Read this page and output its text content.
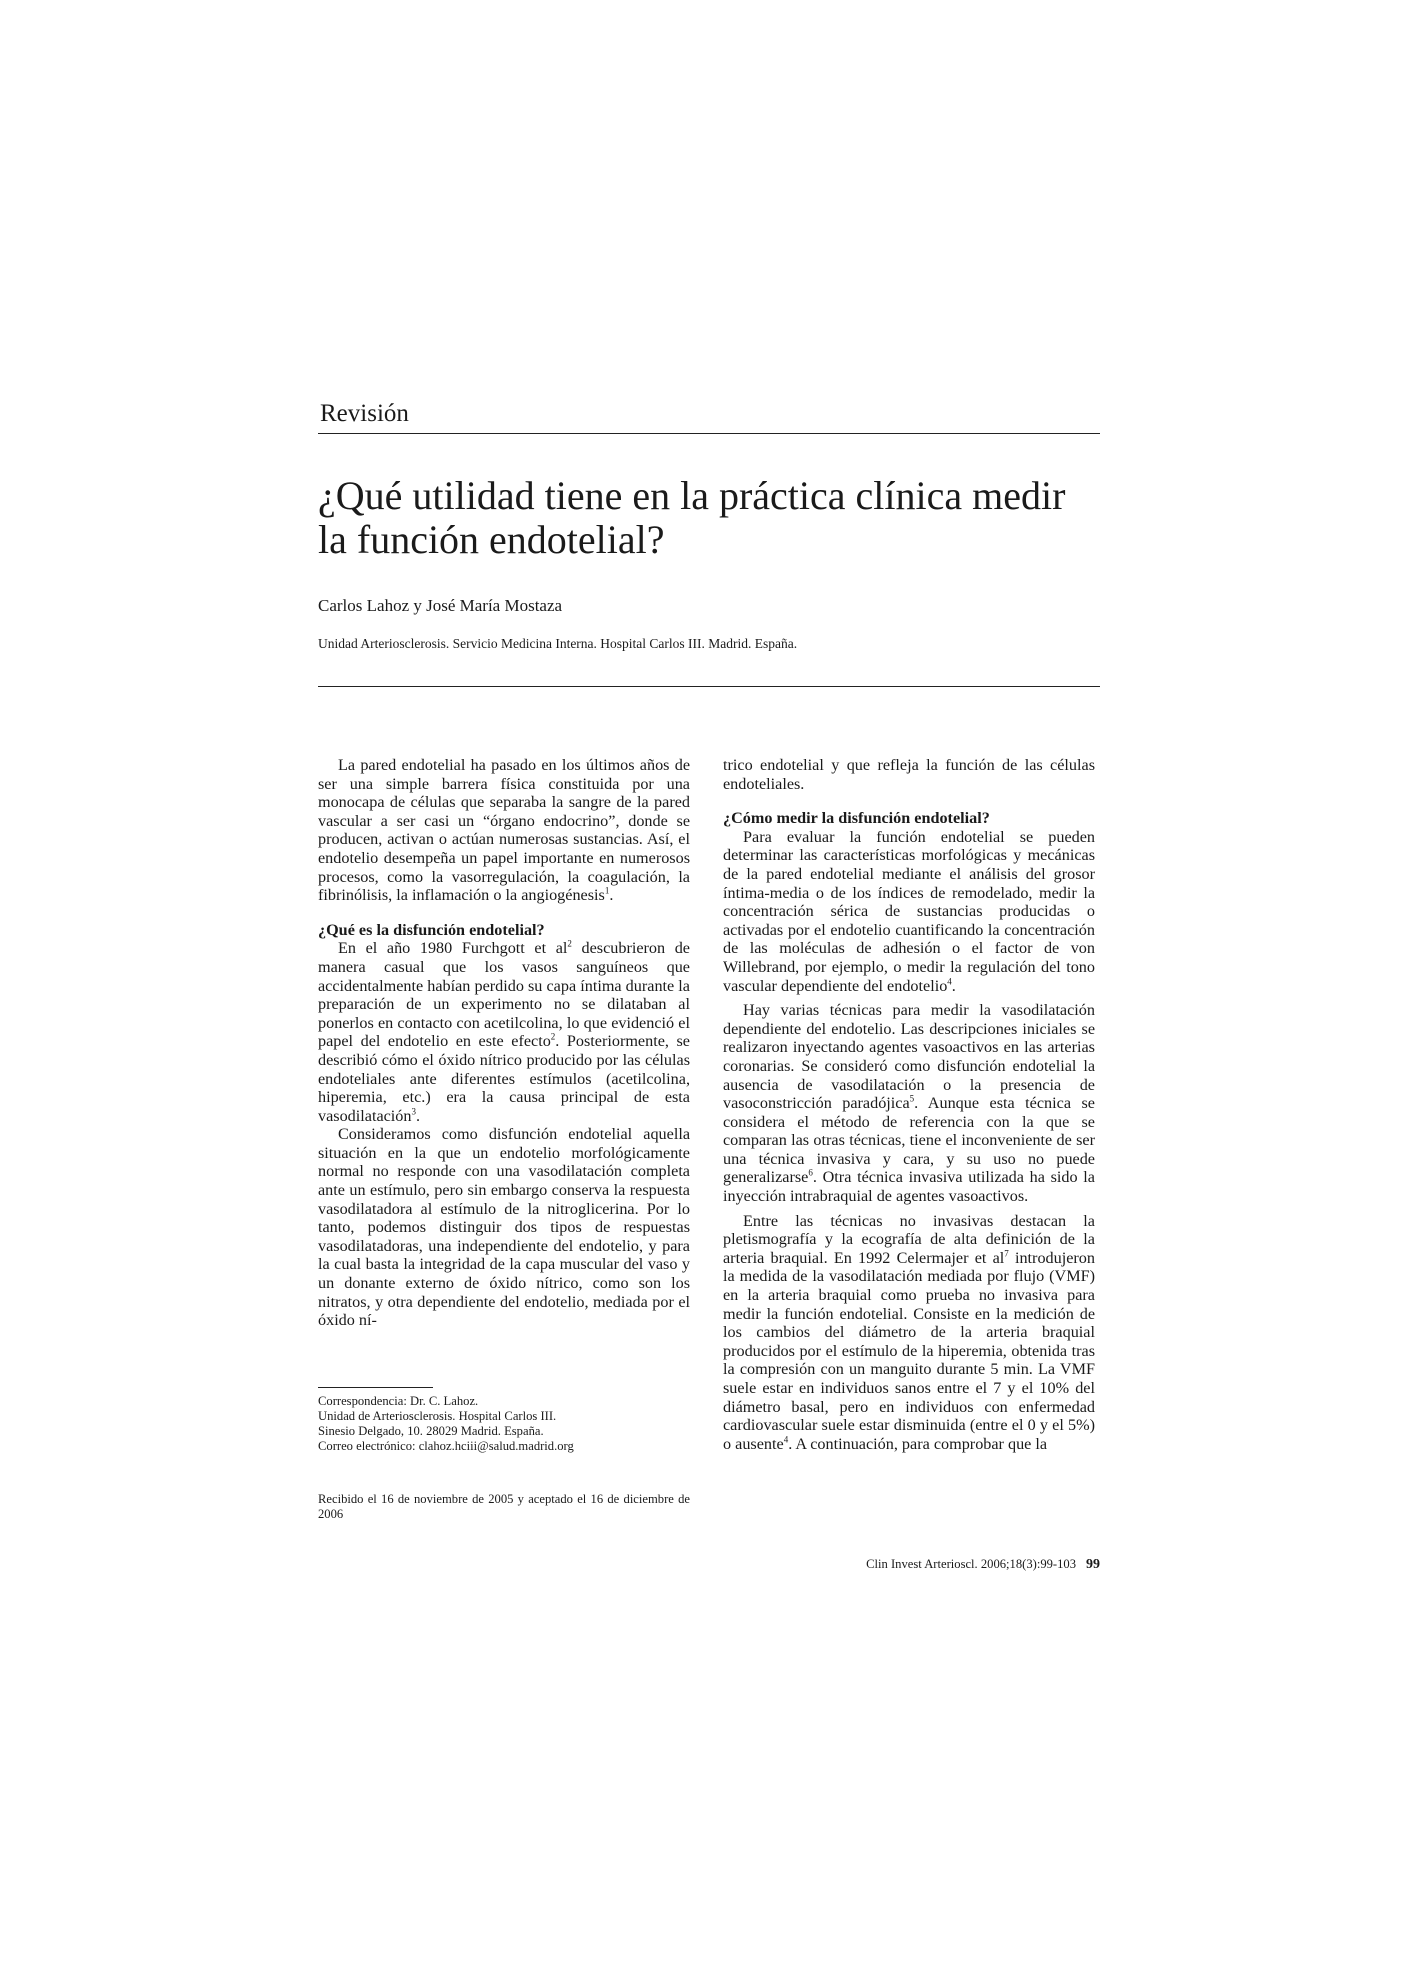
Revisión
¿Qué utilidad tiene en la práctica clínica medir
la función endotelial?
Carlos Lahoz y José María Mostaza
Unidad Arteriosclerosis. Servicio Medicina Interna. Hospital Carlos III. Madrid. España.

La pared endotelial ha pasado en los últimos años de ser una simple barrera física constituida por una monocapa de células que separaba la sangre de la pared vascular a ser casi un “órgano endocrino”, donde se producen, activan o actúan numerosas sustancias. Así, el endotelio desempeña un papel importante en numerosos procesos, como la vasorregulación, la coagulación, la fibrinólisis, la inflamación o la angiogénesis$^1$.

¿Qué es la disfunción endotelial?

En el año 1980 Furchgott et $al^2$ descubrieron de manera casual que los vasos sanguíneos que accidentalmente habían perdido su capa íntima durante la preparación de un experimento no se dilataban al ponerlos en contacto con acetilcolina, lo que evidenció el papel del endotelio en este efecto$^2$. Posteriormente, se describió cómo el óxido nítrico producido por las células endoteliales ante diferentes estímulos (acetilcolina, hiperemia, etc.) era la causa principal de esta vasodilatación$^3$.

Consideramos como disfunción endotelial aquella situación en la que un endotelio morfológicamente normal no responde con una vasodilatación completa ante un estímulo, pero sin embargo conserva la respuesta vasodilatadora al estímulo de la nitroglicerina. Por lo tanto, podemos distinguir dos tipos de respuestas vasodilatadoras, una independiente del endotelio, y para la cual basta la integridad de la capa muscular del vaso y un donante externo de óxido nítrico, como son los nitratos, y otra dependiente del endotelio, mediada por el óxido ní-

trico endotelial y que refleja la función de las células endoteliales.

¿Cómo medir la disfunción endotelial?

Para evaluar la función endotelial se pueden determinar las características morfológicas y mecánicas de la pared endotelial mediante el análisis del grosor íntima-media o de los índices de remodelado, medir la concentración sérica de sustancias producidas o activadas por el endotelio cuantificando la concentración de las moléculas de adhesión o el factor de von Willebrand, por ejemplo, o medir la regulación del tono vascular dependiente del endotelio$^4$.

Hay varias técnicas para medir la vasodilatación dependiente del endotelio. Las descripciones iniciales se realizaron inyectando agentes vasoactivos en las arterias coronarias. Se consideró como disfunción endotelial la ausencia de vasodilatación o la presencia de vasoconstricción paradójica$^5$. Aunque esta técnica se considera el método de referencia con la que se comparan las otras técnicas, tiene el inconveniente de ser una técnica invasiva y cara, y su uso no puede generalizarse$^6$. Otra técnica invasiva utilizada ha sido la inyección intrabraquial de agentes vasoactivos.

Entre las técnicas no invasivas destacan la pletismografía y la ecografía de alta definición de la arteria braquial. En 1992 Celermajer et $al^7$ introdujeron la medida de la vasodilatación mediada por flujo (VMF) en la arteria braquial como prueba no invasiva para medir la función endotelial. Consiste en la medición de los cambios del diámetro de la arteria braquial producidos por el estímulo de la hiperemia, obtenida tras la compresión con un manguito durante 5 min. La VMF suele estar en individuos sanos entre el 7 y el 10% del diámetro basal, pero en individuos con enfermedad cardiovascular suele estar disminuida (entre el 0 y el 5%) o ausente$^4$. A continuación, para comprobar que la

Correspondencia: Dr. C. Lahoz.
Unidad de Arteriosclerosis. Hospital Carlos III.
Sinesio Delgado, 10. 28029 Madrid. España.
Correo electrónico: clahoz.hciii@salud.madrid.org
Recibido el 16 de noviembre de 2005 y aceptado el 16 de diciembre de 2006
Clin Invest Arterioscl. 2006;18(3):99-103 99
